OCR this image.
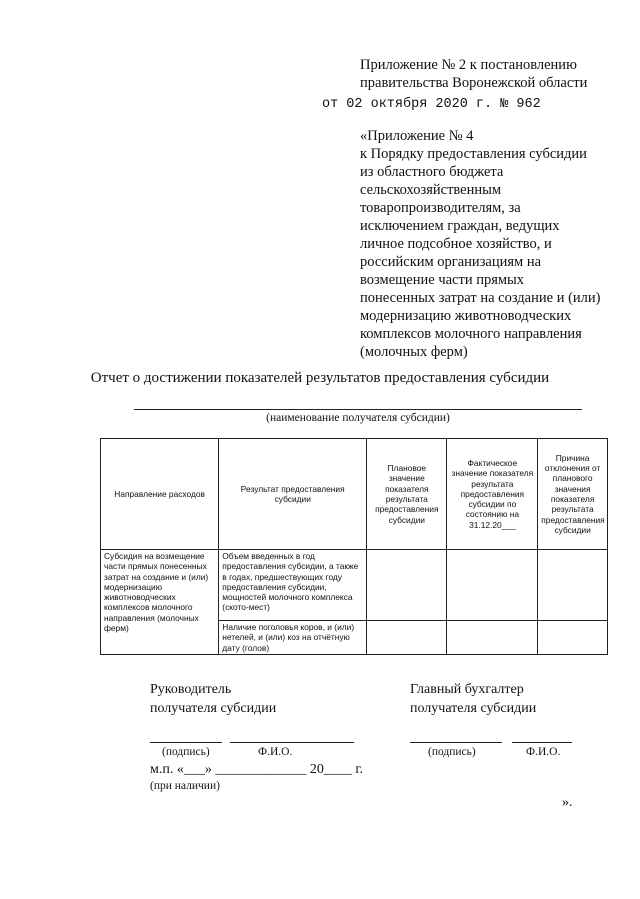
Приложение № 2 к постановлению
правительства Воронежской области
от 02 октября 2020 г. № 962
«Приложение № 4
к Порядку предоставления субсидии
из областного бюджета
сельскохозяйственным
товаропроизводителям, за
исключением граждан, ведущих
личное подсобное хозяйство, и
российским организациям на
возмещение части прямых
понесенных затрат на создание и (или)
модернизацию животноводческих
комплексов молочного направления
(молочных ферм)
Отчет о достижении показателей результатов предоставления субсидии
(наименование получателя субсидии)
Направление расходов	Результат предоставления субсидии	Плановое значение показателя результата предоставления субсидии	Фактическое значение показателя результата предоставления субсидии по состоянию на 31.12.20___	Причина отклонения от планового значения показателя результата предоставления субсидии
Субсидия на возмещение части прямых понесенных затрат на создание и (или) модернизацию животноводческих комплексов молочного направления (молочных ферм)	Объем введенных в год предоставления субсидии, а также в годах, предшествующих году предоставления субсидии, мощностей молочного комплекса (ското-мест)			
	Наличие поголовья коров, и (или) нетелей, и (или) коз на отчётную дату (голов)			
Руководитель
получателя субсидии
Главный бухгалтер
получателя субсидии
(подпись)	Ф.И.О.	(подпись)	Ф.И.О.
м.п. «___» _____________ 20____ г.
(при наличии)
».
